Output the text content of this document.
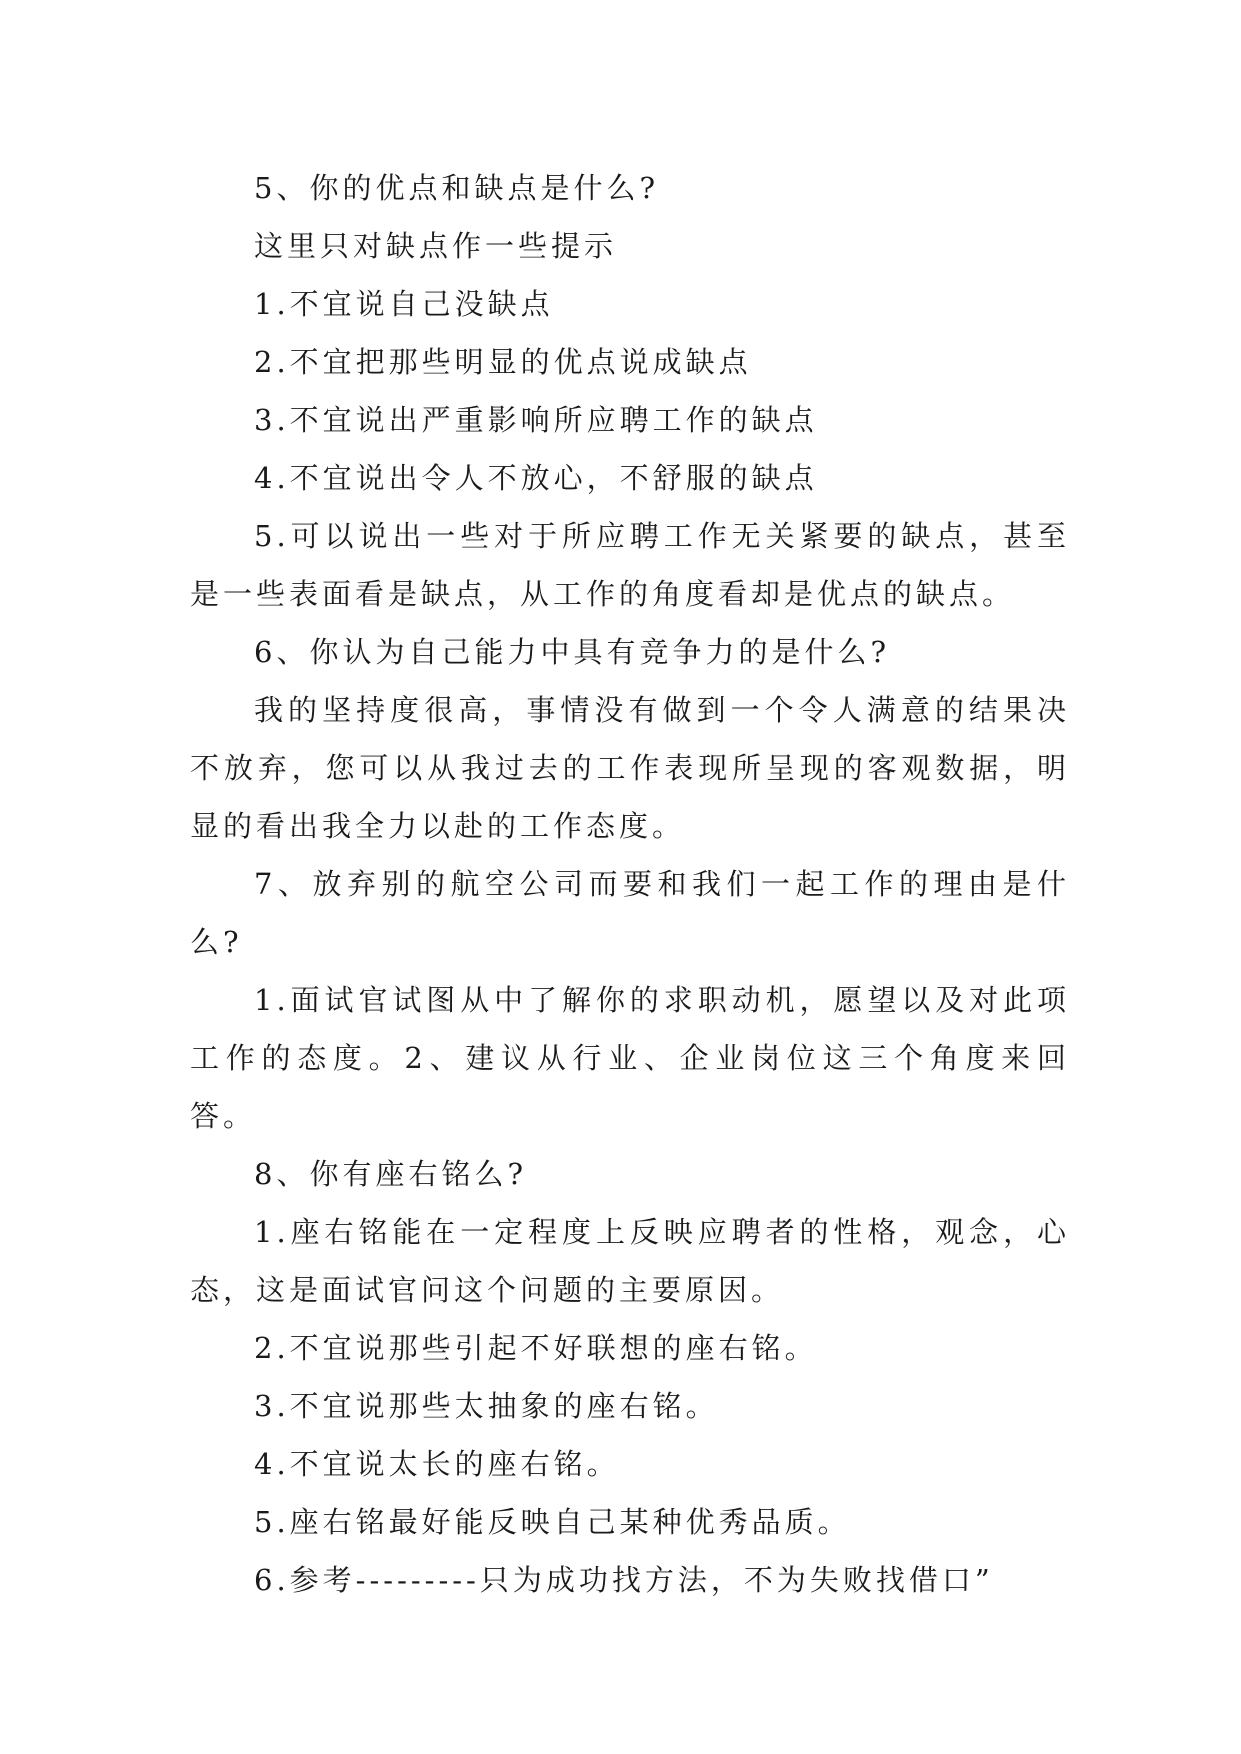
5、你的优点和缺点是什么?

这里只对缺点作一些提示

1.不宜说自己没缺点

2.不宜把那些明显的优点说成缺点

3.不宜说出严重影响所应聘工作的缺点

4.不宜说出令人不放心，不舒服的缺点

5.可以说出一些对于所应聘工作无关紧要的缺点，甚至是一些表面看是缺点，从工作的角度看却是优点的缺点。

6、你认为自己能力中具有竞争力的是什么?

我的坚持度很高，事情没有做到一个令人满意的结果决不放弃，您可以从我过去的工作表现所呈现的客观数据，明显的看出我全力以赴的工作态度。

7、放弃别的航空公司而要和我们一起工作的理由是什么?

1.面试官试图从中了解你的求职动机，愿望以及对此项工作的态度。2、建议从行业、企业岗位这三个角度来回答。

8、你有座右铭么?

1.座右铭能在一定程度上反映应聘者的性格，观念，心态，这是面试官问这个问题的主要原因。

2.不宜说那些引起不好联想的座右铭。

3.不宜说那些太抽象的座右铭。

4.不宜说太长的座右铭。

5.座右铭最好能反映自己某种优秀品质。

6.参考---------只为成功找方法，不为失败找借口”
